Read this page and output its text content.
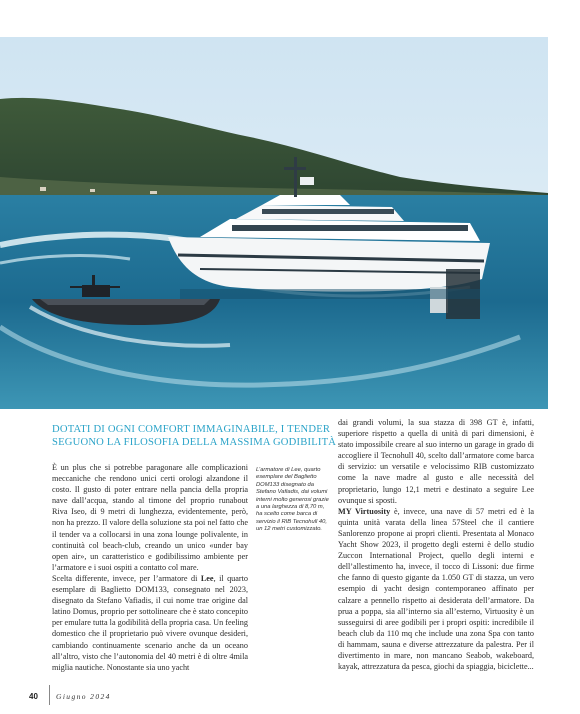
DOTATI DI OGNI COMFORT IMMAGINABILE, I TENDER
SEGUONO LA FILOSOFIA DELLA MASSIMA GODIBILITÀ

È un plus che si potrebbe paragonare alle complicazioni meccaniche che rendono unici certi orologi alzandone il costo. Il gusto di poter entrare nella pancia della propria nave dall’acqua, stando al timone del proprio runabout Riva Iseo, di 9 metri di lunghezza, evidentemente, però, non ha prezzo. Il valore della soluzione sta poi nel fatto che il tender va a collocarsi in una zona lounge polivalente, in continuità col beach-club, creando un unico «under bay open air», un caratteristico e godibilissimo ambiente per l’armatore e i suoi ospiti a contatto col mare.

Scelta differente, invece, per l’armatore di Lee, il quarto esemplare di Baglietto DOM133, consegnato nel 2023, disegnato da Stefano Vafiadis, il cui nome trae origine dal latino Domus, proprio per sottolineare che è stato concepito per emulare tutta la godibilità della propria casa. Un feeling domestico che il proprietario può vivere ovunque desideri, cambiando continuamente scenario anche da un oceano all’altro, visto che l’autonomia del 40 metri è di oltre 4mila miglia nautiche. Nonostante sia uno yacht

L’armatore di Lee, quarto esemplare del Baglietto DOM133 disegnato da Stefano Vafiadis, dai volumi interni molto generosi grazie a una larghezza di 8,70 m, ha scelto come barca di servizio il RIB Tecnohull 40, un 12 metri customizzato.

dai grandi volumi, la sua stazza di 398 GT è, infatti, superiore rispetto a quella di unità di pari dimensioni, è stato impossibile creare al suo interno un garage in grado di accogliere il Tecnohull 40, scelto dall’armatore come barca di servizio: un versatile e velocissimo RIB customizzato come la nave madre al gusto e alle necessità del proprietario, lungo 12,1 metri e destinato a seguire Lee ovunque si sposti.

MY Virtuosity è, invece, una nave di 57 metri ed è la quinta unità varata della linea 57Steel che il cantiere Sanlorenzo propone ai propri clienti. Presentata al Monaco Yacht Show 2023, il progetto degli esterni è dello studio Zuccon International Project, quello degli interni e dell’allestimento ha, invece, il tocco di Lissoni: due firme che fanno di questo gigante da 1.050 GT di stazza, un vero esempio di yacht design contemporaneo affinato per calzare a pennello rispetto ai desiderata dell’armatore. Da prua a poppa, sia all’interno sia all’esterno, Virtuosity è un susseguirsi di aree godibili per i propri ospiti: incredibile il beach club da 110 mq che include una zona Spa con tanto di hammam, sauna e diverse attrezzature da palestra. Per il divertimento in mare, non mancano Seabob, wakeboard, kayak, attrezzatura da pesca, giochi da spiaggia, biciclette...

40 Giugno 2024
